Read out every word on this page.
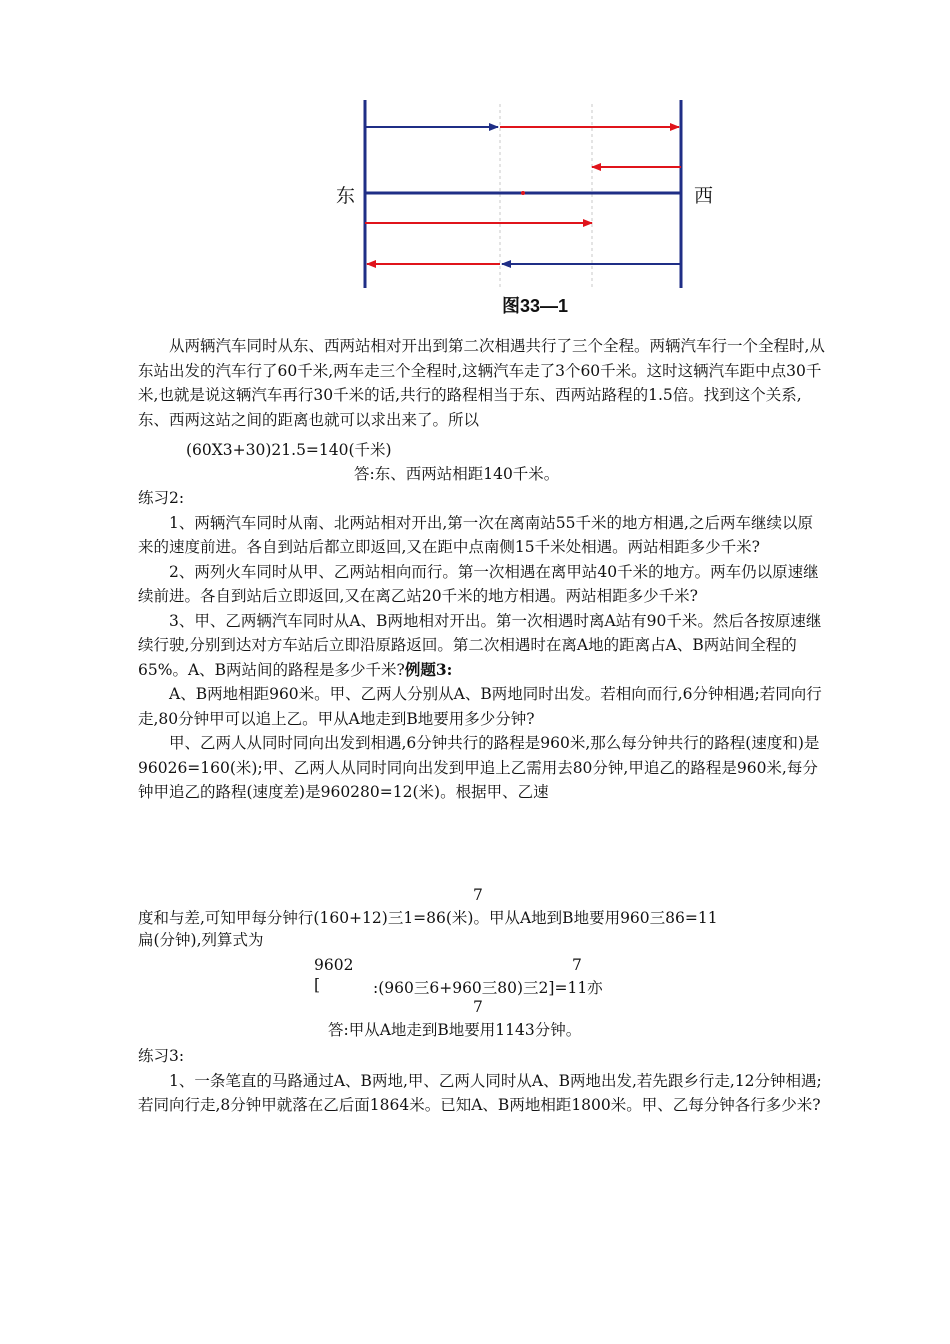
东	西
图33—1

从两辆汽车同时从东、西两站相对开出到第二次相遇共行了三个全程。两辆汽车行一个全程时,从东站出发的汽车行了60千米,两车走三个全程时,这辆汽车走了3个60千米。这时这辆汽车距中点30千米,也就是说这辆汽车再行30千米的话,共行的路程相当于东、西两站路程的1.5倍。找到这个关系,东、西两这站之间的距离也就可以求出来了。所以

(60X3+30)21.5=140(千米)
答:东、西两站相距140千米。

练习2:

1、两辆汽车同时从南、北两站相对开出,第一次在离南站55千米的地方相遇,之后两车继续以原来的速度前进。各自到站后都立即返回,又在距中点南侧15千米处相遇。两站相距多少千米?

2、两列火车同时从甲、乙两站相向而行。第一次相遇在离甲站40千米的地方。两车仍以原速继续前进。各自到站后立即返回,又在离乙站20千米的地方相遇。两站相距多少千米?

3、甲、乙两辆汽车同时从A、B两地相对开出。第一次相遇时离A站有90千米。然后各按原速继续行驶,分别到达对方车站后立即沿原路返回。第二次相遇时在离A地的距离占A、B两站间全程的65%。A、B两站间的路程是多少千米?例题3:

A、B两地相距960米。甲、乙两人分别从A、B两地同时出发。若相向而行,6分钟相遇;若同向行走,80分钟甲可以追上乙。甲从A地走到B地要用多少分钟?

甲、乙两人从同时同向出发到相遇,6分钟共行的路程是960米,那么每分钟共行的路程(速度和)是96026=160(米);甲、乙两人从同时同向出发到甲追上乙需用去80分钟,甲追乙的路程是960米,每分钟甲追乙的路程(速度差)是960280=12(米)。根据甲、乙速

7
度和与差,可知甲每分钟行(160+12)三1=86(米)。甲从A地到B地要用960三86=11
扁(分钟),列算式为
9602	7
[	:(960三6+960三80)三2]=11亦
7
答:甲从A地走到B地要用1143分钟。

练习3:

1、一条笔直的马路通过A、B两地,甲、乙两人同时从A、B两地出发,若先跟乡行走,12分钟相遇;若同向行走,8分钟甲就落在乙后面1864米。已知A、B两地相距1800米。甲、乙每分钟各行多少米?
